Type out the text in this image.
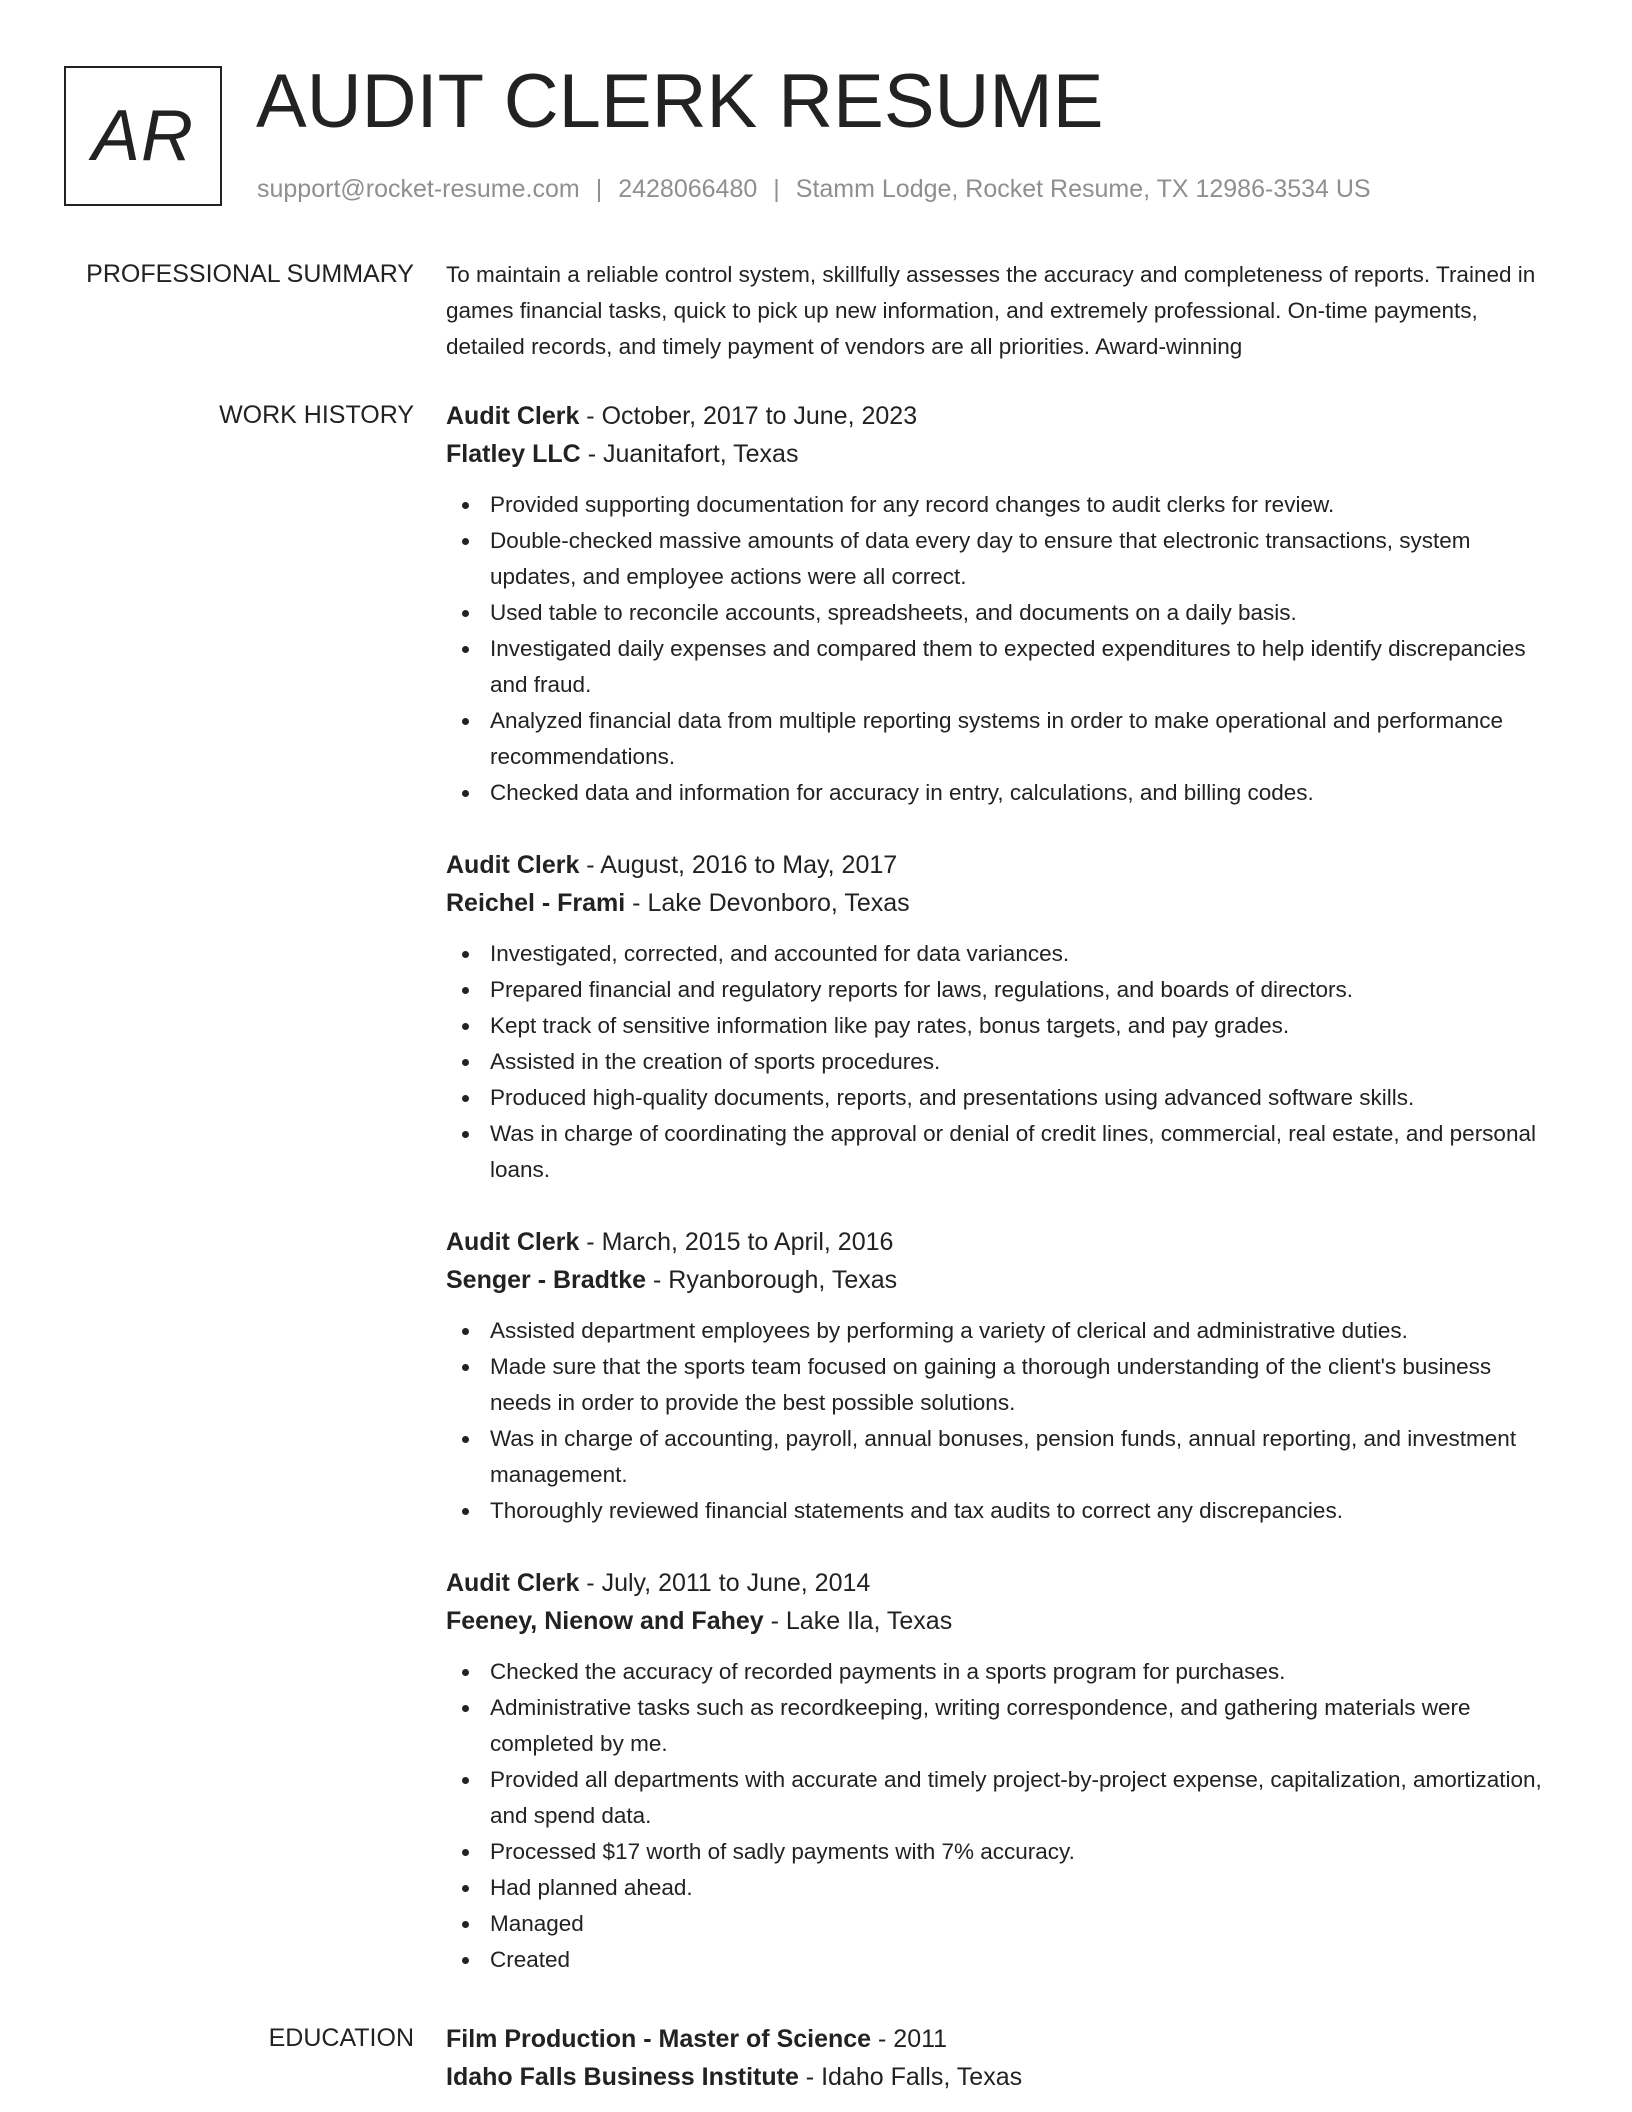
AR AUDIT CLERK RESUME
support@rocket-resume.com | 2428066480 | Stamm Lodge, Rocket Resume, TX 12986-3534 US
PROFESSIONAL SUMMARY To maintain a reliable control system, skillfully assesses the accuracy and completeness of reports. Trained in games financial tasks, quick to pick up new information, and extremely professional. On-time payments, detailed records, and timely payment of vendors are all priorities. Award-winning

WORK HISTORY Audit Clerk - October, 2017 to June, 2023
Flatley LLC - Juanitafort, Texas
Provided supporting documentation for any record changes to audit clerks for review.
Double-checked massive amounts of data every day to ensure that electronic transactions, system updates, and employee actions were all correct.
Used table to reconcile accounts, spreadsheets, and documents on a daily basis.
Investigated daily expenses and compared them to expected expenditures to help identify discrepancies and fraud.
Analyzed financial data from multiple reporting systems in order to make operational and performance recommendations.
Checked data and information for accuracy in entry, calculations, and billing codes.
Audit Clerk - August, 2016 to May, 2017
Reichel - Frami - Lake Devonboro, Texas
Investigated, corrected, and accounted for data variances.
Prepared financial and regulatory reports for laws, regulations, and boards of directors.
Kept track of sensitive information like pay rates, bonus targets, and pay grades.
Assisted in the creation of sports procedures.
Produced high-quality documents, reports, and presentations using advanced software skills.
Was in charge of coordinating the approval or denial of credit lines, commercial, real estate, and personal loans.
Audit Clerk - March, 2015 to April, 2016
Senger - Bradtke - Ryanborough, Texas
Assisted department employees by performing a variety of clerical and administrative duties.
Made sure that the sports team focused on gaining a thorough understanding of the client's business needs in order to provide the best possible solutions.
Was in charge of accounting, payroll, annual bonuses, pension funds, annual reporting, and investment management.
Thoroughly reviewed financial statements and tax audits to correct any discrepancies.
Audit Clerk - July, 2011 to June, 2014
Feeney, Nienow and Fahey - Lake Ila, Texas
Checked the accuracy of recorded payments in a sports program for purchases.
Administrative tasks such as recordkeeping, writing correspondence, and gathering materials were completed by me.
Provided all departments with accurate and timely project-by-project expense, capitalization, amortization, and spend data.
Processed $17 worth of sadly payments with 7% accuracy.
Had planned ahead.
Managed
Created
EDUCATION Film Production - Master of Science - 2011
Idaho Falls Business Institute - Idaho Falls, Texas
